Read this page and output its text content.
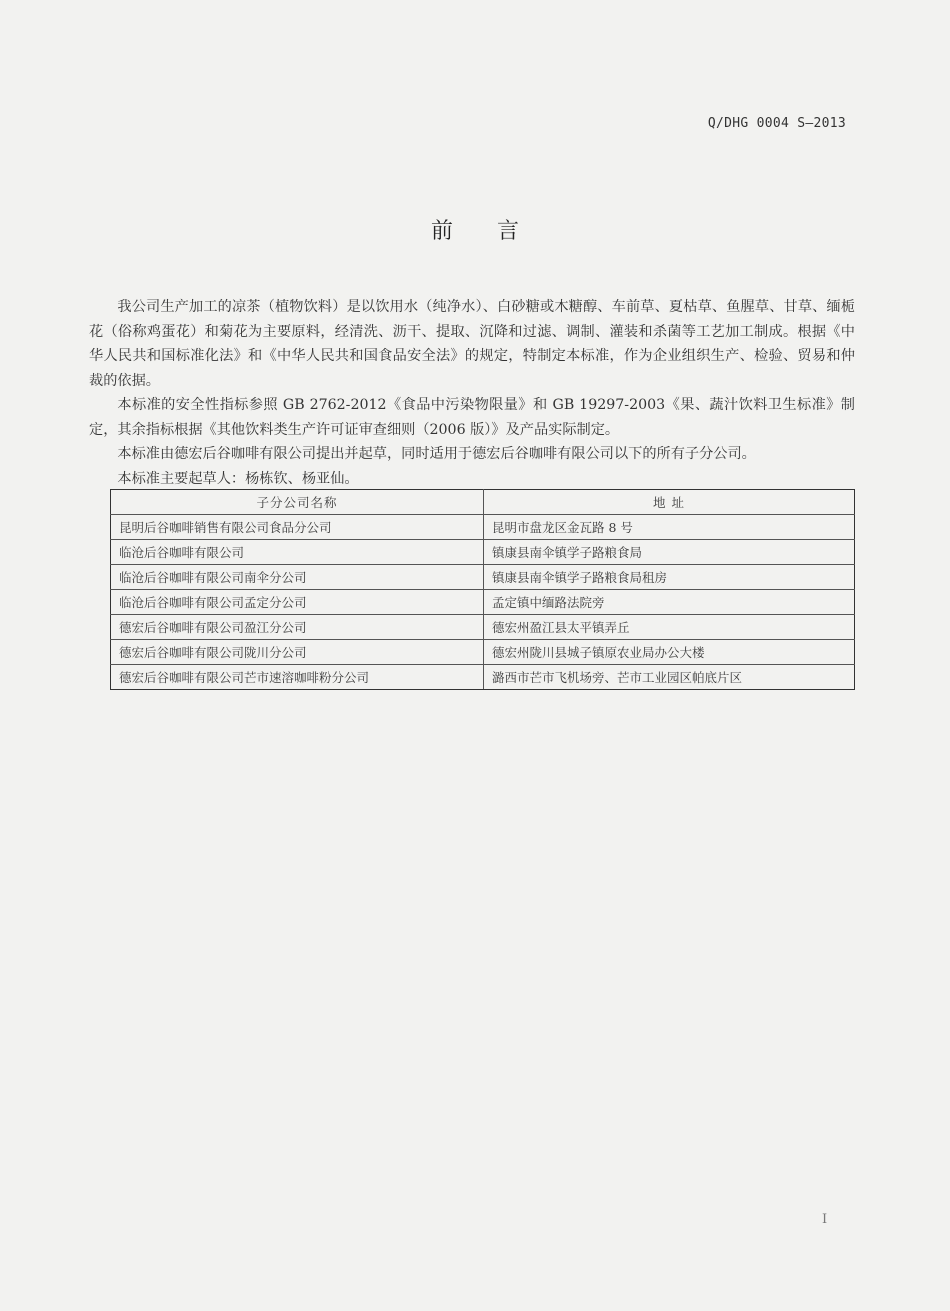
Q/DHG 0004 S—2013
前言

我公司生产加工的凉茶（植物饮料）是以饮用水（纯净水）、白砂糖或木糖醇、车前草、夏枯草、鱼腥草、甘草、缅栀花（俗称鸡蛋花）和菊花为主要原料，经清洗、沥干、提取、沉降和过滤、调制、灌装和杀菌等工艺加工制成。根据《中华人民共和国标准化法》和《中华人民共和国食品安全法》的规定，特制定本标准，作为企业组织生产、检验、贸易和仲裁的依据。

本标准的安全性指标参照 GB 2762-2012《食品中污染物限量》和 GB 19297-2003《果、蔬汁饮料卫生标准》制定，其余指标根据《其他饮料类生产许可证审查细则（2006 版）》及产品实际制定。

本标准由德宏后谷咖啡有限公司提出并起草，同时适用于德宏后谷咖啡有限公司以下的所有子分公司。

本标准主要起草人：杨栋钦、杨亚仙。

子分公司名称	地 址
昆明后谷咖啡销售有限公司食品分公司	昆明市盘龙区金瓦路 8 号
临沧后谷咖啡有限公司	镇康县南伞镇学子路粮食局
临沧后谷咖啡有限公司南伞分公司	镇康县南伞镇学子路粮食局租房
临沧后谷咖啡有限公司孟定分公司	孟定镇中缅路法院旁
德宏后谷咖啡有限公司盈江分公司	德宏州盈江县太平镇弄丘
德宏后谷咖啡有限公司陇川分公司	德宏州陇川县城子镇原农业局办公大楼
德宏后谷咖啡有限公司芒市速溶咖啡粉分公司	潞西市芒市飞机场旁、芒市工业园区帕底片区
I
